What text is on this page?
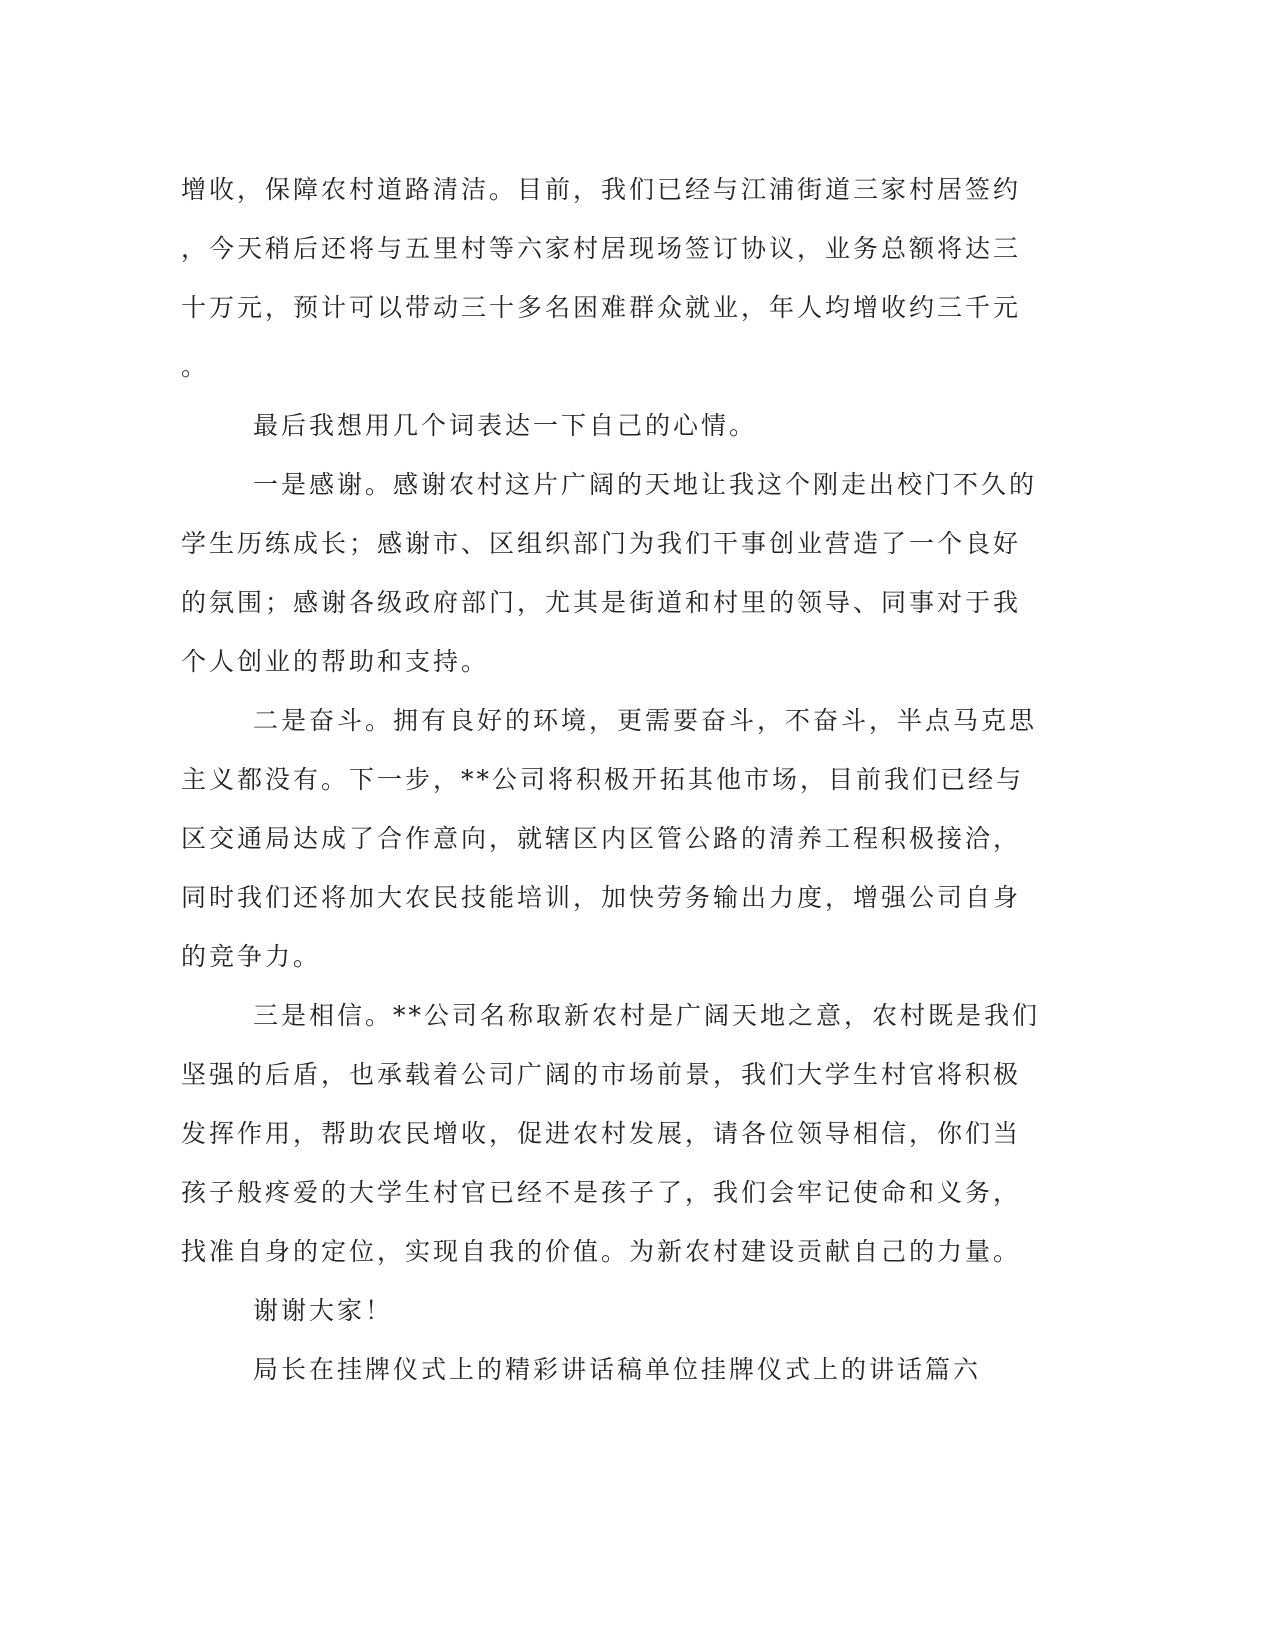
增收，保障农村道路清洁。目前，我们已经与江浦街道三家村居签约
，今天稍后还将与五里村等六家村居现场签订协议，业务总额将达三
十万元，预计可以带动三十多名困难群众就业，年人均增收约三千元
。
最后我想用几个词表达一下自己的心情。
一是感谢。感谢农村这片广阔的天地让我这个刚走出校门不久的
学生历练成长；感谢市、区组织部门为我们干事创业营造了一个良好
的氛围；感谢各级政府部门，尤其是街道和村里的领导、同事对于我
个人创业的帮助和支持。
二是奋斗。拥有良好的环境，更需要奋斗，不奋斗，半点马克思
主义都没有。下一步，**公司将积极开拓其他市场，目前我们已经与
区交通局达成了合作意向，就辖区内区管公路的清养工程积极接洽，
同时我们还将加大农民技能培训，加快劳务输出力度，增强公司自身
的竞争力。
三是相信。**公司名称取新农村是广阔天地之意，农村既是我们
坚强的后盾，也承载着公司广阔的市场前景，我们大学生村官将积极
发挥作用，帮助农民增收，促进农村发展，请各位领导相信，你们当
孩子般疼爱的大学生村官已经不是孩子了，我们会牢记使命和义务，
找准自身的定位，实现自我的价值。为新农村建设贡献自己的力量。
谢谢大家！
局长在挂牌仪式上的精彩讲话稿单位挂牌仪式上的讲话篇六
